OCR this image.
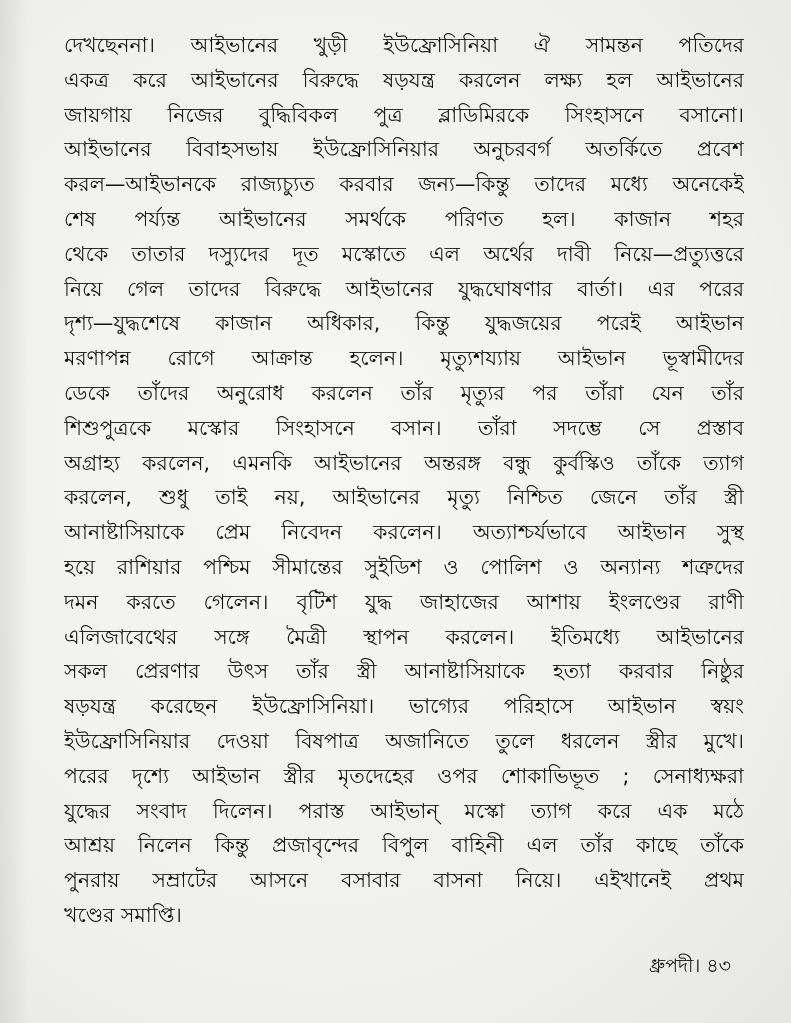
দেখছেননা। আইভানের খুড়ী ইউফ্রোসিনিয়া ঐ সামন্তন পতিদের
একত্র করে আইভানের বিরুদ্ধে ষড়যন্ত্র করলেন লক্ষ্য হল আইভানের
জায়গায় নিজের বুদ্ধিবিকল পুত্র ব্লাডিমিরকে সিংহাসনে বসানো।
আইভানের বিবাহসভায় ইউফ্রোসিনিয়ার অনুচরবর্গ অতর্কিতে প্রবেশ
করল—আইভানকে রাজ্যচ্যুত করবার জন্য—কিন্তু তাদের মধ্যে অনেকেই
শেষ পর্য্যন্ত আইভানের সমর্থকে পরিণত হল। কাজান শহর
থেকে তাতার দস্যুদের দূত মস্কোতে এল অর্থের দাবী নিয়ে—প্রত্যুত্তরে
নিয়ে গেল তাদের বিরুদ্ধে আইভানের যুদ্ধঘোষণার বার্তা। এর পরের
দৃশ্য—যুদ্ধশেষে কাজান অধিকার, কিন্তু যুদ্ধজয়ের পরেই আইভান
মরণাপন্ন রোগে আক্রান্ত হলেন। মৃত্যুশয্যায় আইভান ভূস্বামীদের
ডেকে তাঁদের অনুরোধ করলেন তাঁর মৃত্যুর পর তাঁরা যেন তাঁর
শিশুপুত্রকে মস্কোর সিংহাসনে বসান। তাঁরা সদম্ভে সে প্রস্তাব
অগ্রাহ্য করলেন, এমনকি আইভানের অন্তরঙ্গ বন্ধু কুর্বস্কিও তাঁকে ত্যাগ
করলেন, শুধু তাই নয়, আইভানের মৃত্যু নিশ্চিত জেনে তাঁর স্ত্রী
আনাষ্টাসিয়াকে প্রেম নিবেদন করলেন। অত্যাশ্চর্যভাবে আইভান সুস্থ
হয়ে রাশিয়ার পশ্চিম সীমান্তের সুইডিশ ও পোলিশ ও অন্যান্য শত্রুদের
দমন করতে গেলেন। বৃটিশ যুদ্ধ জাহাজের আশায় ইংলণ্ডের রাণী
এলিজাবেথের সঙ্গে মৈত্রী স্থাপন করলেন। ইতিমধ্যে আইভানের
সকল প্রেরণার উৎস তাঁর স্ত্রী আনাষ্টাসিয়াকে হত্যা করবার নিষ্ঠুর
ষড়যন্ত্র করেছেন ইউফ্রোসিনিয়া। ভাগ্যের পরিহাসে আইভান স্বয়ং
ইউফ্রোসিনিয়ার দেওয়া বিষপাত্র অজানিতে তুলে ধরলেন স্ত্রীর মুখে।
পরের দৃশ্যে আইভান স্ত্রীর মৃতদেহের ওপর শোকাভিভূত ; সেনাধ্যক্ষরা
যুদ্ধের সংবাদ দিলেন। পরাস্ত আইভান্ মস্কো ত্যাগ করে এক মঠে
আশ্রয় নিলেন কিন্তু প্রজাবৃন্দের বিপুল বাহিনী এল তাঁর কাছে তাঁকে
পুনরায় সম্রাটের আসনে বসাবার বাসনা নিয়ে। এইখানেই প্রথম
খণ্ডের সমাপ্তি।
ধ্রুপদী। ৪৩
